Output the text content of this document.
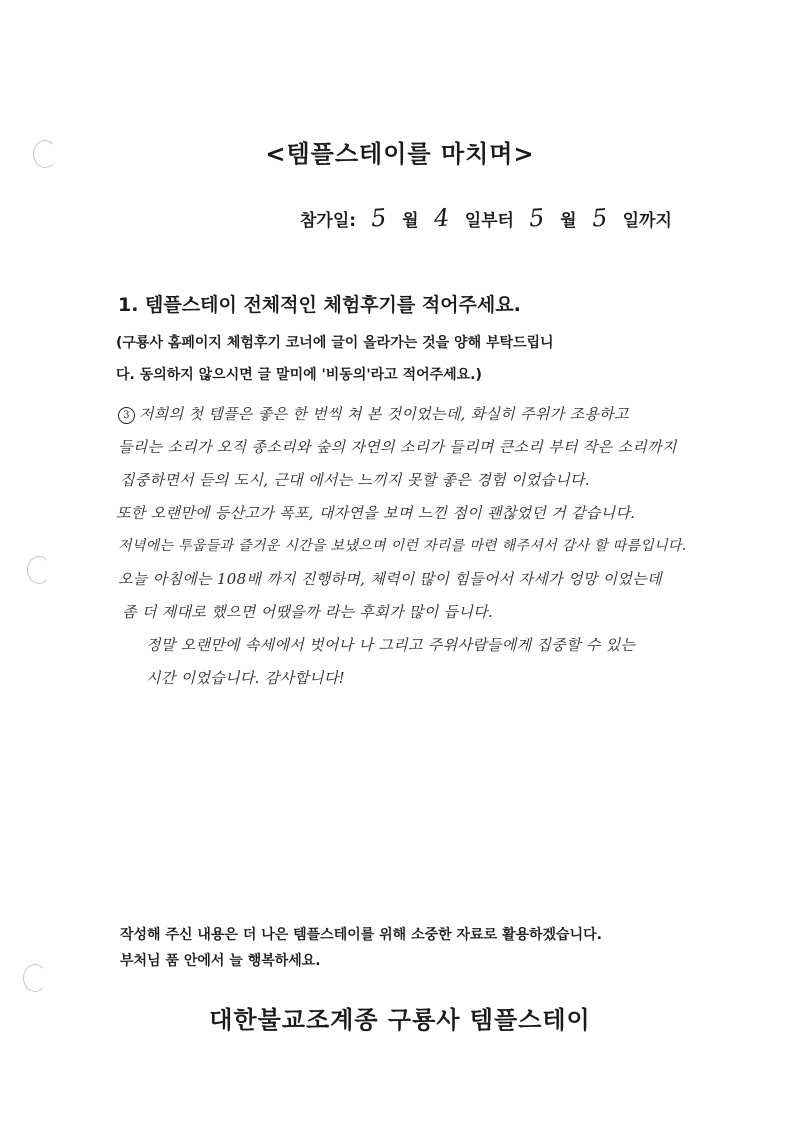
<템플스테이를 마치며>
참가일: 5 월 4 일부터 5 월 5 일까지
1. 템플스테이 전체적인 체험후기를 적어주세요.
(구룡사 홈페이지 체험후기 코너에 글이 올라가는 것을 양해 부탁드립니
다. 동의하지 않으시면 글 말미에 '비동의'라고 적어주세요.)
3 저희의 첫 템플은 좋은 한 번씩 쳐 본 것이었는데, 화실히 주위가 조용하고
들리는 소리가 오직 종소리와 숲의 자연의 소리가 들리며 큰소리 부터 작은 소리까지
집중하면서 듣의 도시, 근대 에서는 느끼지 못할 좋은 경험 이었습니다.
또한 오랜만에 등산고가 폭포, 대자연을 보며 느낀 점이 괜찮었던 거 같습니다.
저녁에는 투웁들과 즐거운 시간을 보냈으며 이런 자리를 마련 해주셔서 감사 할 따름입니다.
오늘 아침에는 108배 까지 진행하며, 체력이 많이 힘들어서 자세가 엉망 이었는데
좀 더 제대로 했으면 어땠을까 라는 후회가 많이 듭니다.
정말 오랜만에 속세에서 벗어나 나 그리고 주위사람들에게 집중할 수 있는
시간 이었습니다. 감사합니다!
작성해 주신 내용은 더 나은 템플스테이를 위해 소중한 자료로 활용하겠습니다.
부처님 품 안에서 늘 행복하세요.
대한불교조계종 구룡사 템플스테이
